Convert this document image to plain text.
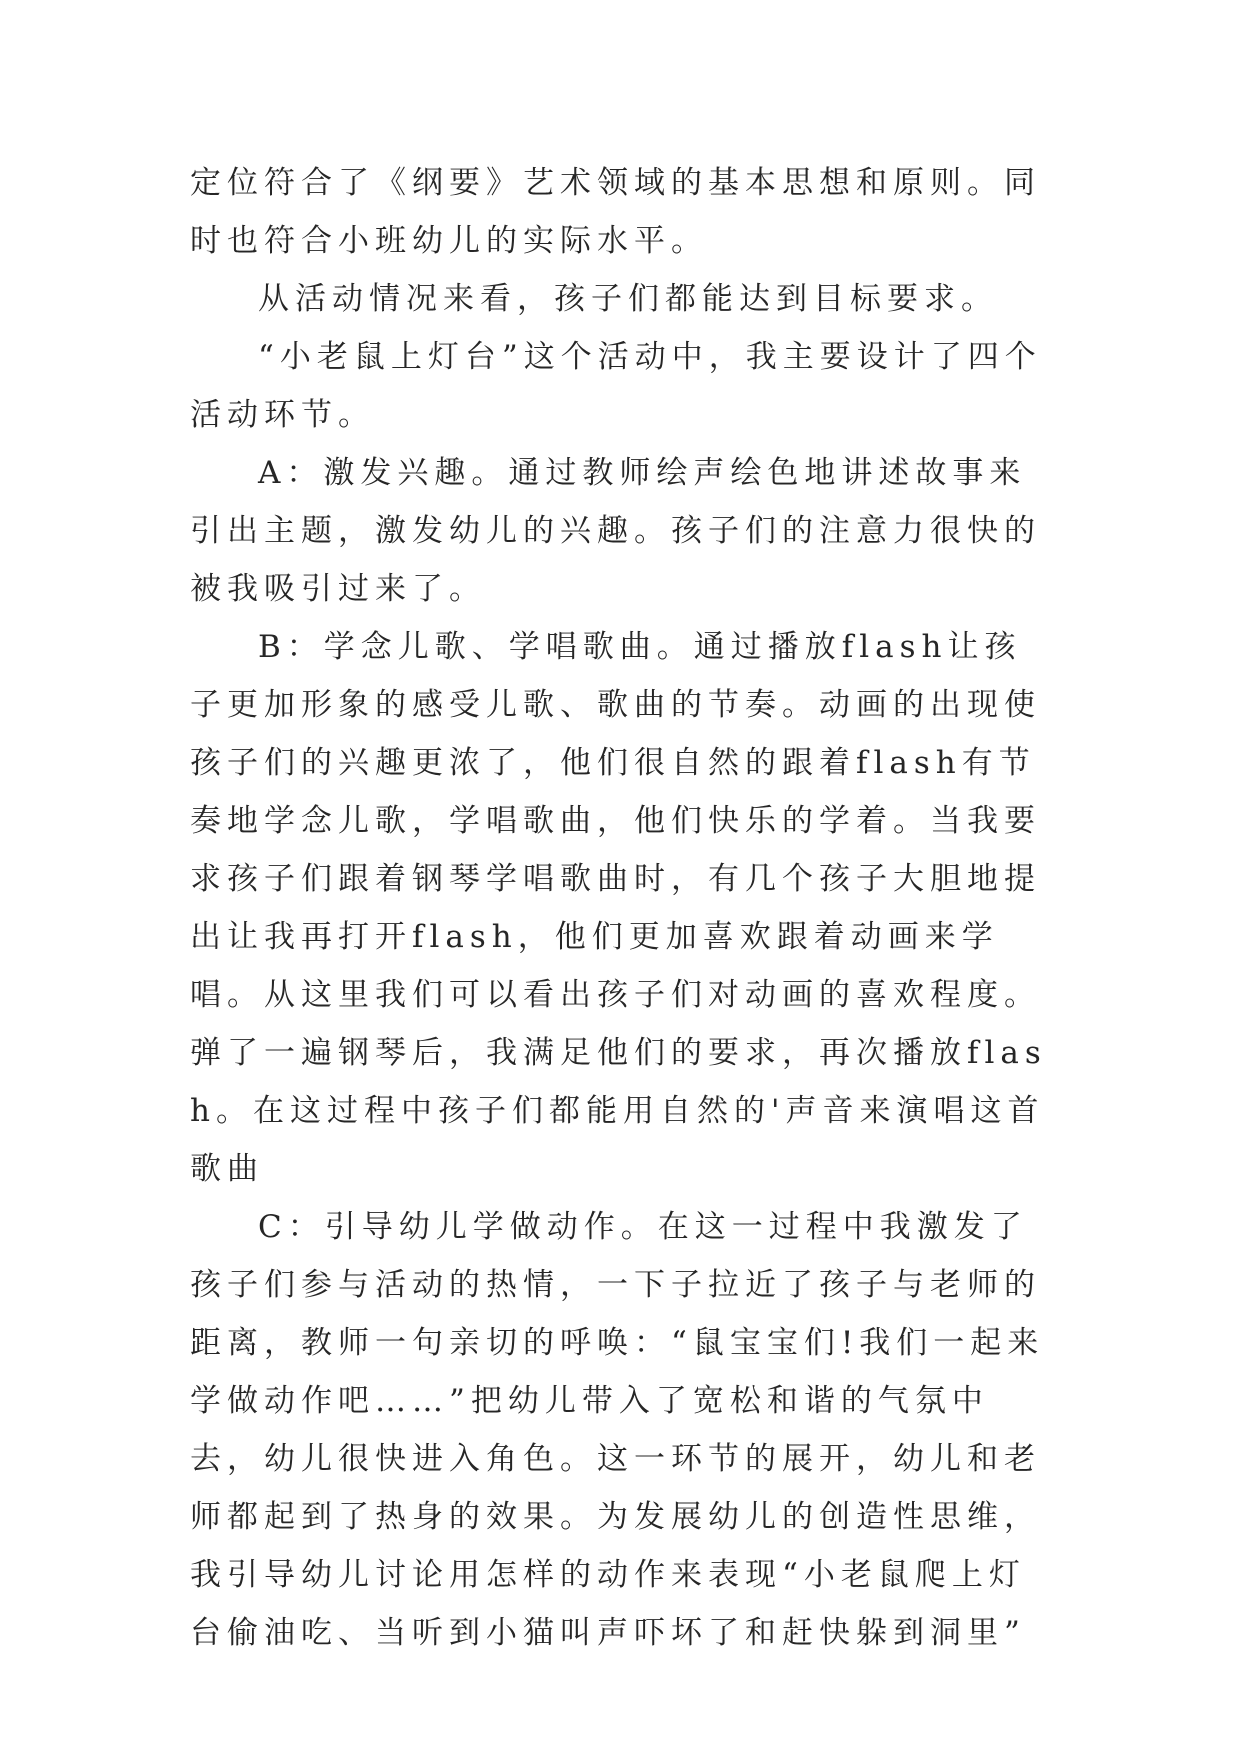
定位符合了《纲要》艺术领域的基本思想和原则。同时也符合小班幼儿的实际水平。

从活动情况来看，孩子们都能达到目标要求。

“小老鼠上灯台”这个活动中，我主要设计了四个活动环节。

A：激发兴趣。通过教师绘声绘色地讲述故事来引出主题，激发幼儿的兴趣。孩子们的注意力很快的被我吸引过来了。

B：学念儿歌、学唱歌曲。通过播放flash让孩子更加形象的感受儿歌、歌曲的节奏。动画的出现使孩子们的兴趣更浓了，他们很自然的跟着flash有节奏地学念儿歌，学唱歌曲，他们快乐的学着。当我要求孩子们跟着钢琴学唱歌曲时，有几个孩子大胆地提出让我再打开flash，他们更加喜欢跟着动画来学唱。从这里我们可以看出孩子们对动画的喜欢程度。弹了一遍钢琴后，我满足他们的要求，再次播放flash。在这过程中孩子们都能用自然的'声音来演唱这首歌曲

C：引导幼儿学做动作。在这一过程中我激发了孩子们参与活动的热情，一下子拉近了孩子与老师的距离，教师一句亲切的呼唤：“鼠宝宝们!我们一起来学做动作吧……”把幼儿带入了宽松和谐的气氛中去，幼儿很快进入角色。这一环节的展开，幼儿和老师都起到了热身的效果。为发展幼儿的创造性思维，我引导幼儿讨论用怎样的动作来表现“小老鼠爬上灯台偷油吃、当听到小猫叫声吓坏了和赶快躲到洞里”
